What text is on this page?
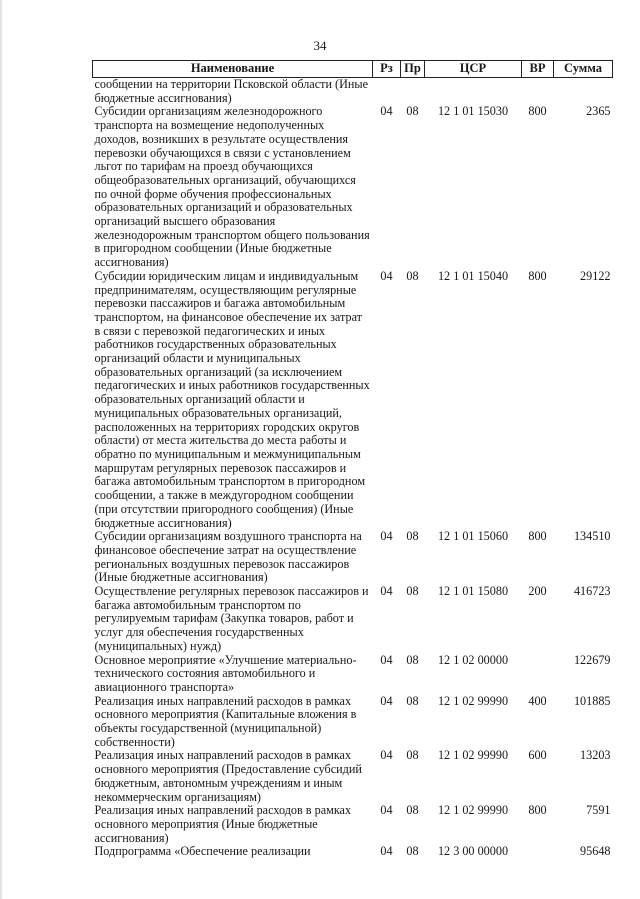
34
Наименование	Рз	Пр	ЦСР	ВР	Сумма
сообщении на территории Псковской области (Иные бюджетные ассигнования)					
Субсидии организациям железнодорожного транспорта на возмещение недополученных доходов, возникших в результате осуществления перевозки обучающихся в связи с установлением льгот по тарифам на проезд обучающихся общеобразовательных организаций, обучающихся по очной форме обучения профессиональных образовательных организаций и образовательных организаций высшего образования железнодорожным транспортом общего пользования в пригородном сообщении (Иные бюджетные ассигнования)	04	08	12 1 01 15030	800	2365
Субсидии юридическим лицам и индивидуальным предпринимателям, осуществляющим регулярные перевозки пассажиров и багажа автомобильным транспортом, на финансовое обеспечение их затрат в связи с перевозкой педагогических и иных работников государственных образовательных организаций области и муниципальных образовательных организаций (за исключением педагогических и иных работников государственных образовательных организаций области и муниципальных образовательных организаций, расположенных на территориях городских округов области) от места жительства до места работы и обратно по муниципальным и межмуниципальным маршрутам регулярных перевозок пассажиров и багажа автомобильным транспортом в пригородном сообщении, а также в междугородном сообщении (при отсутствии пригородного сообщения) (Иные бюджетные ассигнования)	04	08	12 1 01 15040	800	29122
Субсидии организациям воздушного транспорта на финансовое обеспечение затрат на осуществление региональных воздушных перевозок пассажиров (Иные бюджетные ассигнования)	04	08	12 1 01 15060	800	134510
Осуществление регулярных перевозок пассажиров и багажа автомобильным транспортом по регулируемым тарифам (Закупка товаров, работ и услуг для обеспечения государственных (муниципальных) нужд)	04	08	12 1 01 15080	200	416723
Основное мероприятие «Улучшение материально-технического состояния автомобильного и авиационного транспорта»	04	08	12 1 02 00000		122679
Реализация иных направлений расходов в рамках основного мероприятия (Капитальные вложения в объекты государственной (муниципальной) собственности)	04	08	12 1 02 99990	400	101885
Реализация иных направлений расходов в рамках основного мероприятия (Предоставление субсидий бюджетным, автономным учреждениям и иным некоммерческим организациям)	04	08	12 1 02 99990	600	13203
Реализация иных направлений расходов в рамках основного мероприятия (Иные бюджетные ассигнования)	04	08	12 1 02 99990	800	7591
Подпрограмма «Обеспечение реализации	04	08	12 3 00 00000		95648
